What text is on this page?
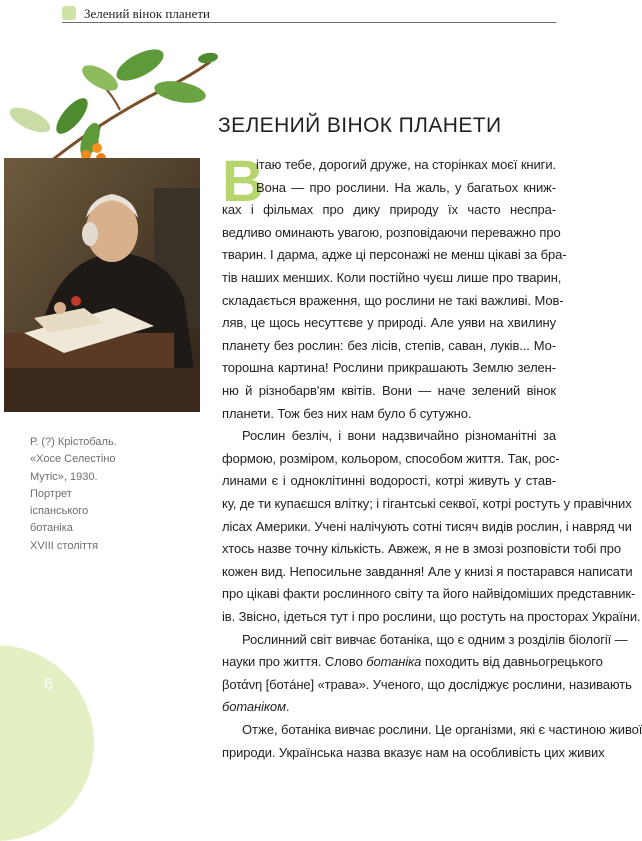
Зелений вінок планети
Р. (?) Крістобаль.
«Хосе Селестіно
Мутіс», 1930.
Портрет
іспанського
ботаніка
XVIII століття
ЗЕЛЕНИЙ ВІНОК ПЛАНЕТИ
В
ітаю тебе, дорогий друже, на сторінках моєї книги.
Вона — про рослини. На жаль, у багатьох книж-
ках і фільмах про дику природу їх часто неспра-
ведливо оминають увагою, розповідаючи переважно про
тварин. І дарма, адже ці персонажі не менш цікаві за бра-
тів наших менших. Коли постійно чуєш лише про тварин,
складається враження, що рослини не такі важливі. Мов-
ляв, це щось несуттєве у природі. Але уяви на хвилину
планету без рослин: без лісів, степів, саван, луків... Мо-
торошна картина! Рослини прикрашають Землю зелен-
ню й різнобарв'ям квітів. Вони — наче зелений вінок
планети. Тож без них нам було б сутужно.
Рослин безліч, і вони надзвичайно різноманітні за
формою, розміром, кольором, способом життя. Так, рос-
линами є і одноклітинні водорості, котрі живуть у став-
ку, де ти купаєшся влітку; і гігантські секвої, котрі ростуть у правічних
лісах Америки. Учені налічують сотні тисяч видів рослин, і навряд чи
хтось назве точну кількість. Авжеж, я не в змозі розповісти тобі про
кожен вид. Непосильне завдання! Але у книзі я постарався написати
про цікаві факти рослинного світу та його найвідоміших представник-
ів. Звісно, ідеться тут і про рослини, що ростуть на просторах України.
Рослинний світ вивчає ботаніка, що є одним з розділів біології —
науки про життя. Слово ботаніка походить від давньогрецького
βοτάνη [ботáне] «трава». Ученого, що досліджує рослини, називають
ботаніком.
6
Отже, ботаніка вивчає рослини. Це організми, які є частиною живої
природи. Українська назва вказує нам на особливість цих живих
